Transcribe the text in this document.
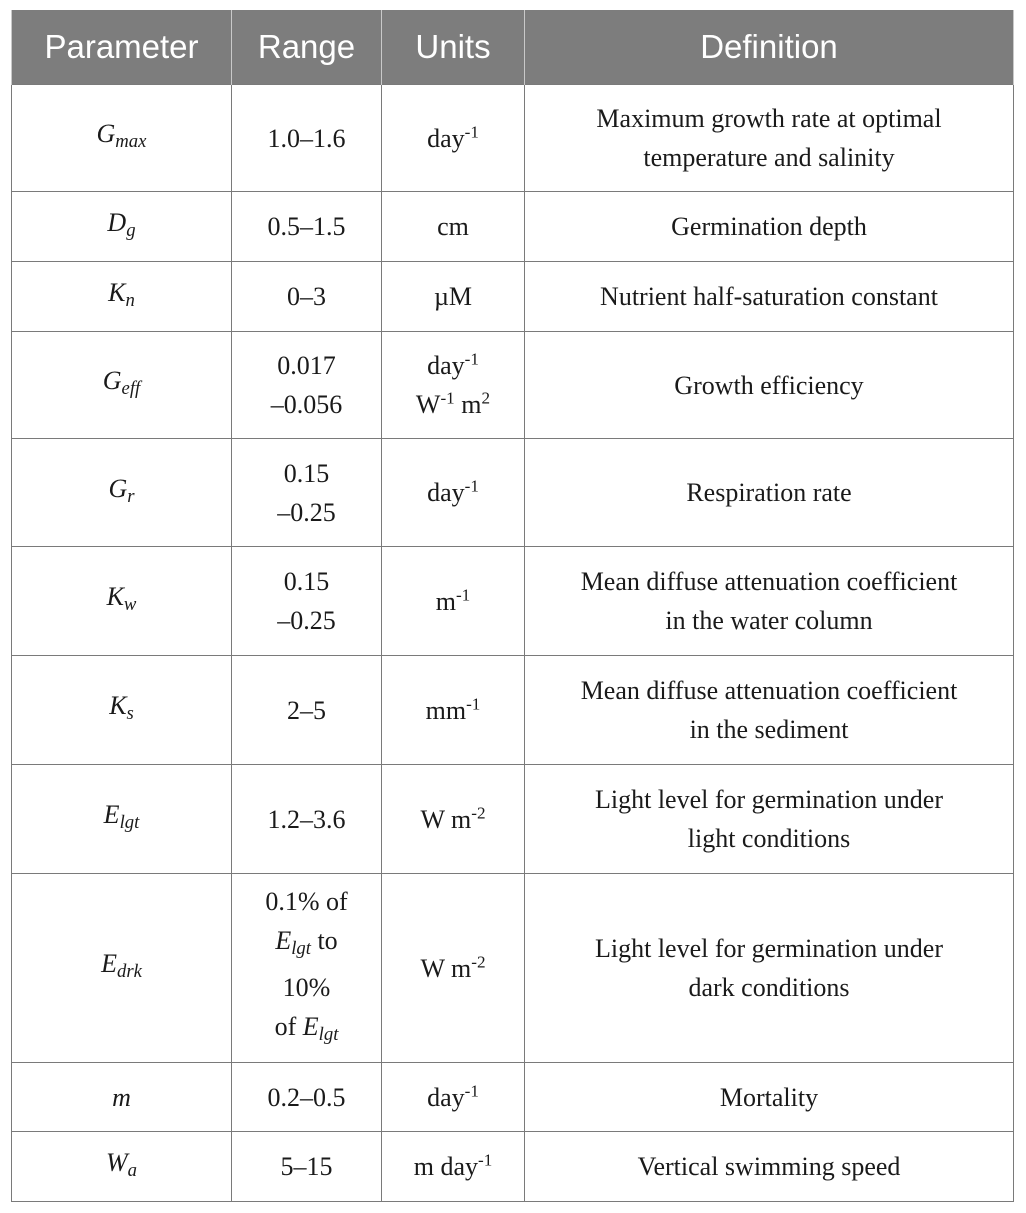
Parameter	Range	Units	Definition
$G_{max}$	1.0–1.6	day$^{-1}$	Maximum growth rate at optimal
temperature and salinity

$D_g$	0.5–1.5	cm	Germination depth

$K_n$	0–3	µM	Nutrient half-saturation constant

$G_{eff}$	0.017
–0.056	day$^{-1}$
$W^{-1}$ $m^2$	Growth efficiency

$G_r$	0.15
–0.25	day$^{-1}$	Respiration rate

$K_w$	0.15
–0.25	$m^{-1}$	Mean diffuse attenuation coefficient
in the water column

$K_s$	2–5	$mm^{-1}$	Mean diffuse attenuation coefficient
in the sediment

$E_{lgt}$	1.2–3.6	W $m^{-2}$	Light level for germination under
light conditions

$E_{drk}$	0.1% of
$E_{lgt}$ to
10%
of $E_{lgt}$	W $m^{-2}$	Light level for germination under
dark conditions

m	0.2–0.5	day$^{-1}$	Mortality

$W_a$	5–15	m day$^{-1}$	Vertical swimming speed
